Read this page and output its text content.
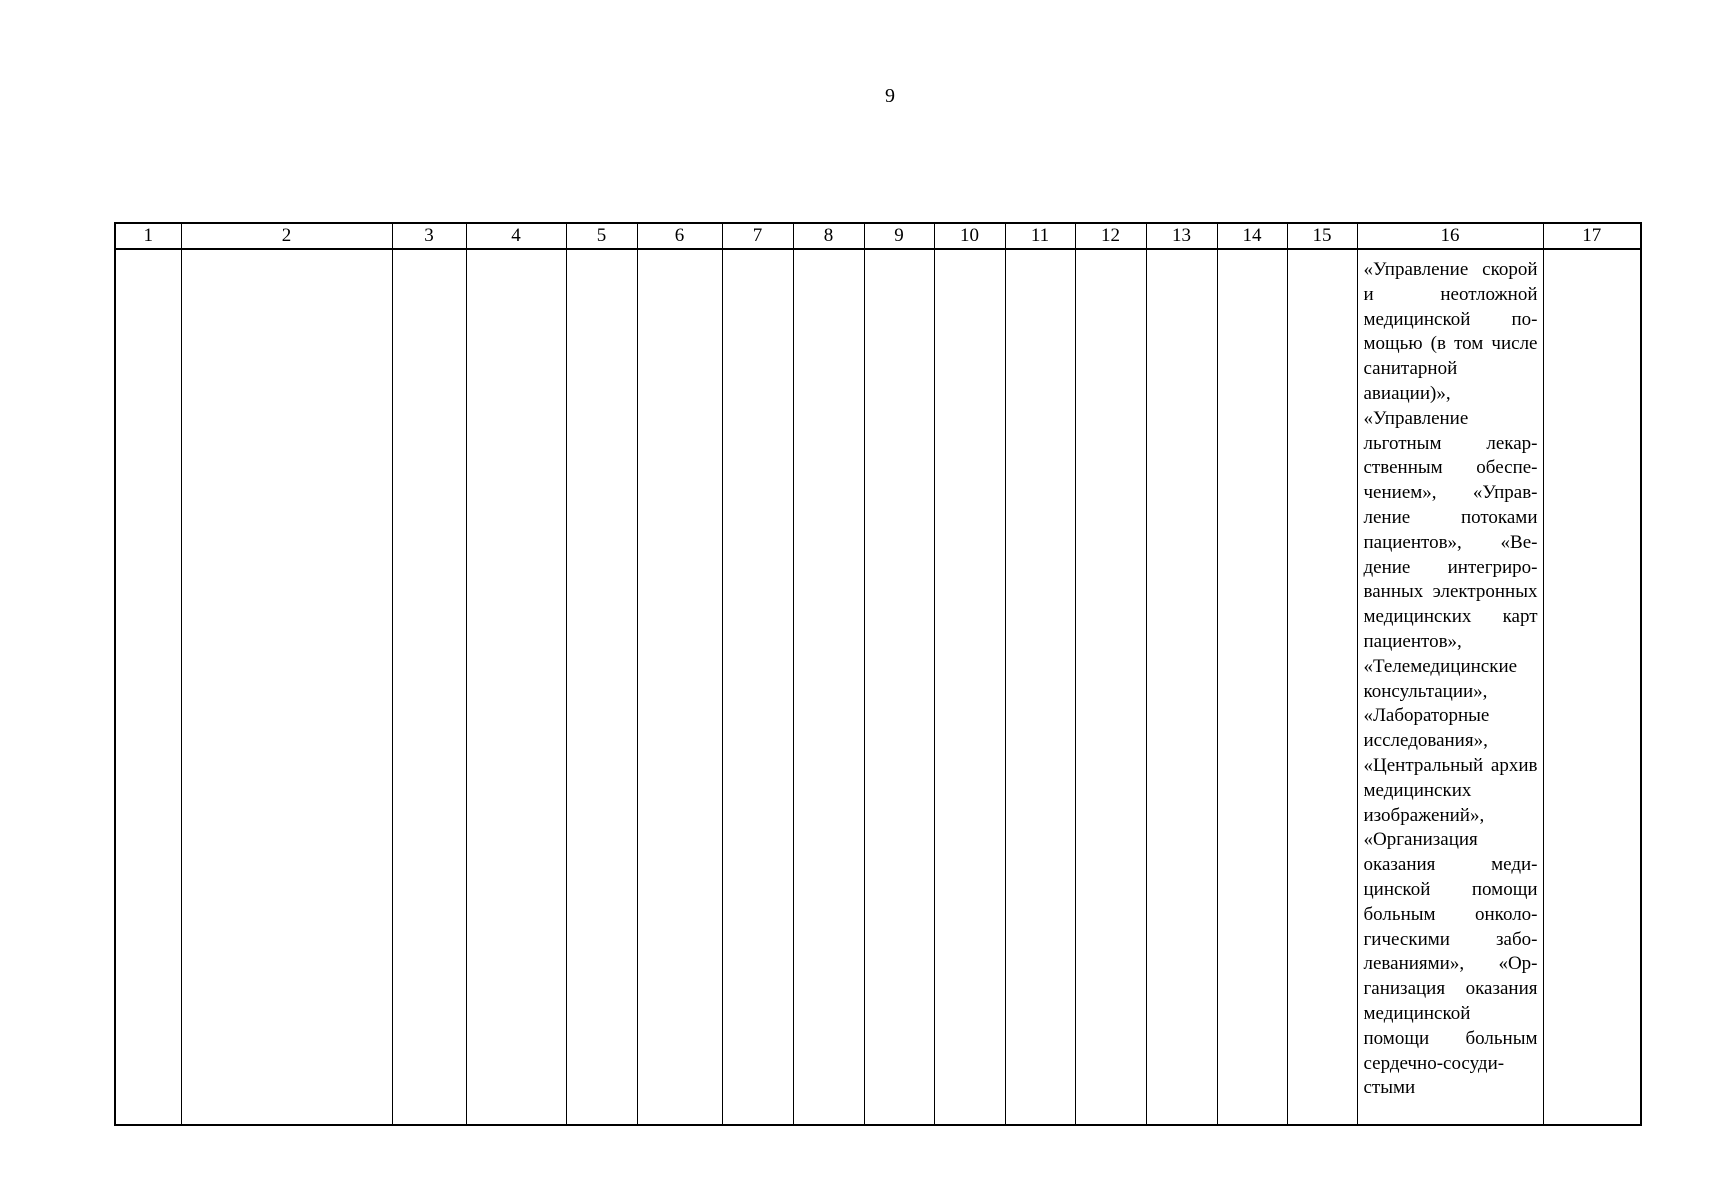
9
1	2	3	4	5	6	7	8	9	10	11	12	13	14	15	16	17

															«Управление скорой и неотложной медицинской помощью (в том числе санитарной авиации)», «Управление льготным лекарственным обеспечением», «Управление потоками пациентов», «Ведение интегрированных электронных медицинских карт пациентов», «Телемедицинские консультации», «Лабораторные исследования», «Центральный архив медицинских изображений», «Организация оказания медицинской помощи больным онкологическими заболеваниями», «Организация оказания медицинской помощи больным сердечно-сосудистыми	
